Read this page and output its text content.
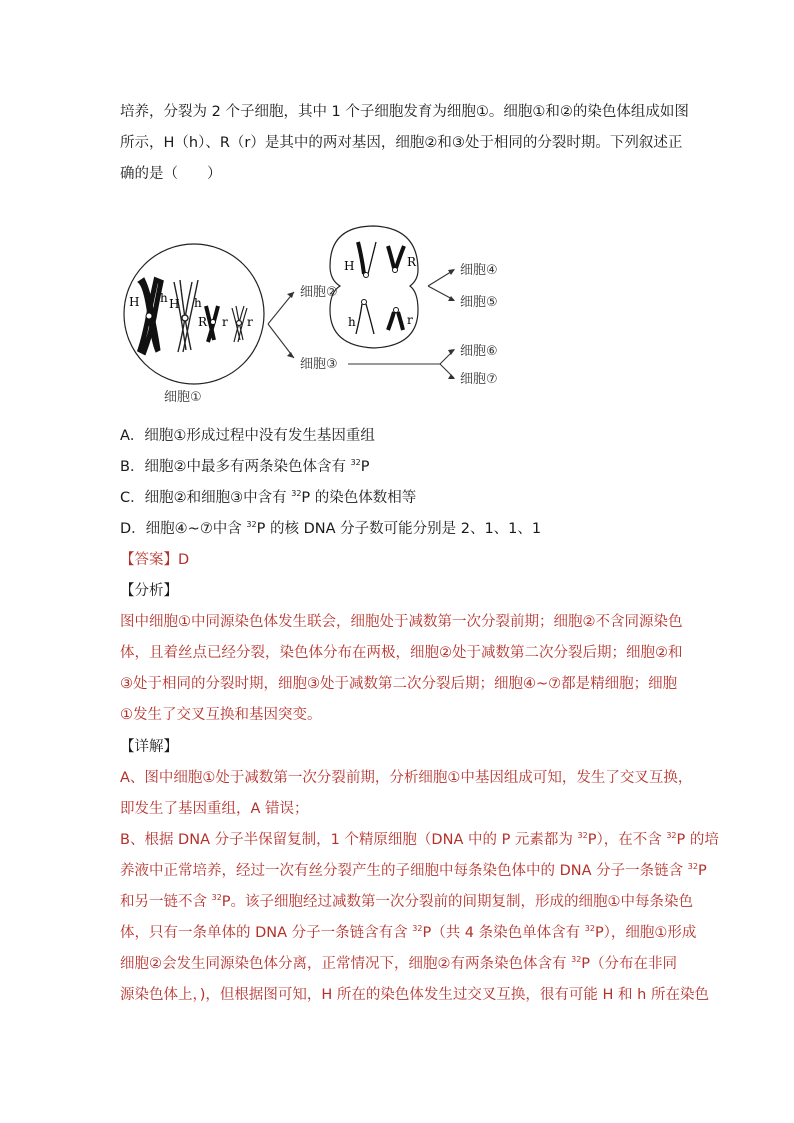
培养，分裂为 2 个子细胞，其中 1 个子细胞发育为细胞①。细胞①和②的染色体组成如图
所示，H（h）、R（r）是其中的两对基因，细胞②和③处于相同的分裂时期。下列叙述正
确的是（　　）
H h H h
R r r
细胞①
细胞②
细胞③
H	R
h	r
细胞④
细胞⑤
细胞⑥
细胞⑦
A．细胞①形成过程中没有发生基因重组
B．细胞②中最多有两条染色体含有 $^{32}$P
C．细胞②和细胞③中含有 $^{32}$P 的染色体数相等
D．细胞④~⑦中含 $^{32}$P 的核 DNA 分子数可能分别是 2、1、1、1
【答案】D
【分析】
图中细胞①中同源染色体发生联会，细胞处于减数第一次分裂前期；细胞②不含同源染色
体，且着丝点已经分裂，染色体分布在两极，细胞②处于减数第二次分裂后期；细胞②和
③处于相同的分裂时期，细胞③处于减数第二次分裂后期；细胞④~⑦都是精细胞；细胞
①发生了交叉互换和基因突变。
【详解】
A、图中细胞①处于减数第一次分裂前期，分析细胞①中基因组成可知，发生了交叉互换，
即发生了基因重组，A 错误；
B、根据 DNA 分子半保留复制，1 个精原细胞（DNA 中的 P 元素都为 $^{32}$P），在不含 $^{32}$P 的培
养液中正常培养，经过一次有丝分裂产生的子细胞中每条染色体中的 DNA 分子一条链含 $^{32}$P
和另一链不含 $^{32}$P。该子细胞经过减数第一次分裂前的间期复制，形成的细胞①中每条染色
体，只有一条单体的 DNA 分子一条链含有含 $^{32}$P（共 4 条染色单体含有 $^{32}$P），细胞①形成
细胞②会发生同源染色体分离，正常情况下，细胞②有两条染色体含有 $^{32}$P（分布在非同
源染色体上，)，但根据图可知，H 所在的染色体发生过交叉互换，很有可能 H 和 h 所在染色
